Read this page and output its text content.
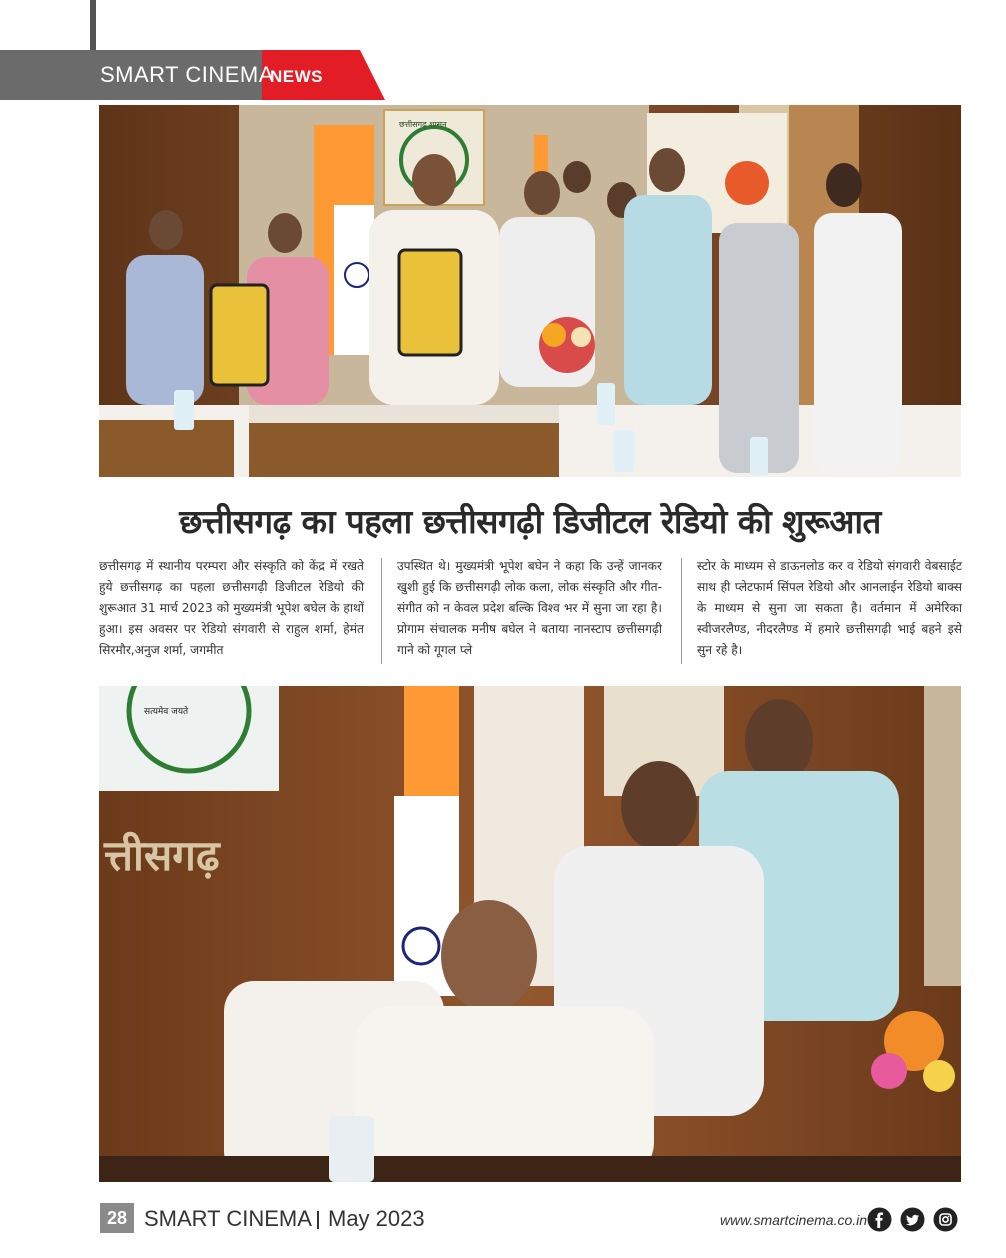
SMART CINEMA
NEWS
छत्तीसगढ़ शासन
छत्तीसगढ़ का पहला छत्तीसगढ़ी डिजीटल रेडियो की शुरूआत
छत्तीसगढ़ में स्थानीय परम्परा और संस्कृति को केंद्र में रखते हुये छत्तीसगढ़ का पहला छत्तीसगढ़ी डिजीटल रेडियो की शुरूआत 31 मार्च 2023 को मुख्यमंत्री भूपेश बघेल के हाथों हुआ। इस अवसर पर रेडियो संगवारी से राहुल शर्मा, हेमंत सिरमौर,अनुज शर्मा, जगमीत
उपस्थित थे। मुख्यमंत्री भूपेश बघेन ने कहा कि उन्हें जानकर खुशी हुई कि छत्तीसगढ़ी लोक कला, लोक संस्कृति और गीत-संगीत को न केवल प्रदेश बल्कि विश्व भर में सुना जा रहा है। प्रोगाम संचालक मनीष बघेल ने बताया नानस्टाप छत्तीसगढ़ी गाने को गूगल प्ले
स्टोर के माध्यम से डाऊनलोड कर व रेडियो संगवारी वेबसाईट साथ ही प्लेटफार्म सिंपल रेडियो और आनलाईन रेडियो बाक्स के माध्यम से सुना जा सकता है। वर्तमान में अमेरिका स्वीजरलैण्ड, नीदरलैण्ड में हमारे छत्तीसगढ़ी भाई बहने इसे सुन रहे है।
सत्यमेव जयते
त्तीसगढ़
28 SMART CINEMA May 2023	www.smartcinema.co.in
